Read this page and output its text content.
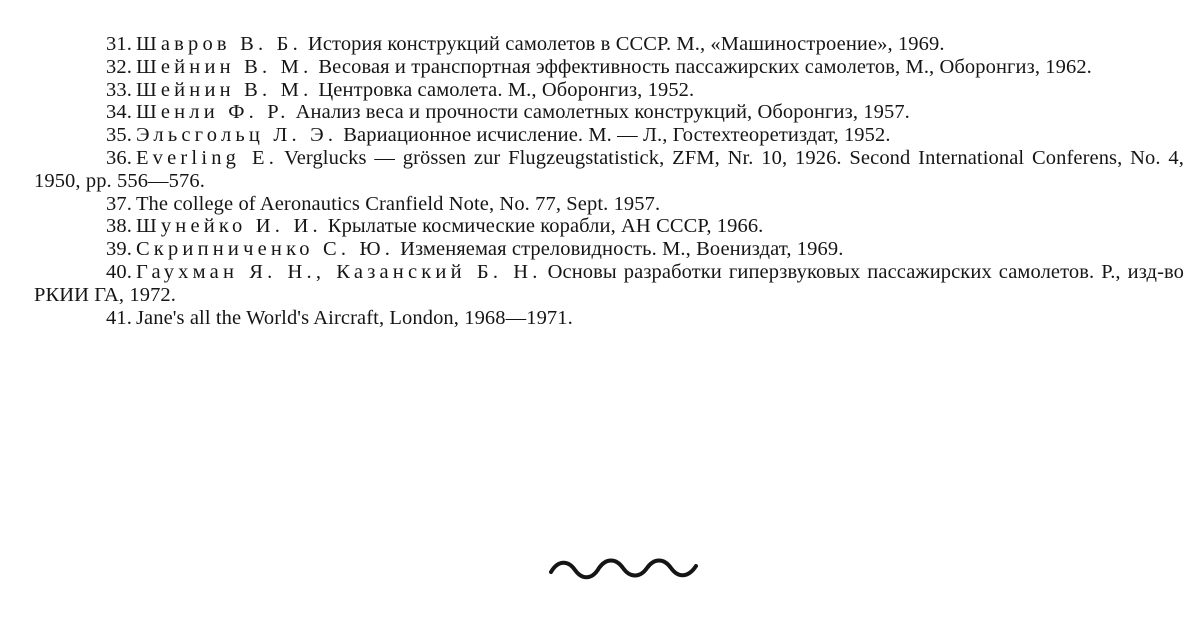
31. Шавров В. Б. История конструкций самолетов в СССР. М., «Машиностроение», 1969.
32. Шейнин В. М. Весовая и транспортная эффективность пассажирских самолетов, М., Оборонгиз, 1962.
33. Шейнин В. М. Центровка самолета. М., Оборонгиз, 1952.
34. Шенли Ф. Р. Анализ веса и прочности самолетных конструкций, Оборонгиз, 1957.
35. Эльсгольц Л. Э. Вариационное исчисление. М. — Л., Гостехтеоретиздат, 1952.
36. Everling E. Verglucks — grössen zur Flugzeugstatistick, ZFM, Nr. 10, 1926. Second International Conferens, No. 4, 1950, pp. 556—576.
37. The college of Aeronautics Cranfield Note, No. 77, Sept. 1957.
38. Шунейко И. И. Крылатые космические корабли, АН СССР, 1966.
39. Скрипниченко С. Ю. Изменяемая стреловидность. М., Воениздат, 1969.
40. Гаухман Я. Н., Казанский Б. Н. Основы разработки гиперзвуковых пассажирских самолетов. Р., изд-во РКИИ ГА, 1972.
41. Jane's all the World's Aircraft, London, 1968—1971.
